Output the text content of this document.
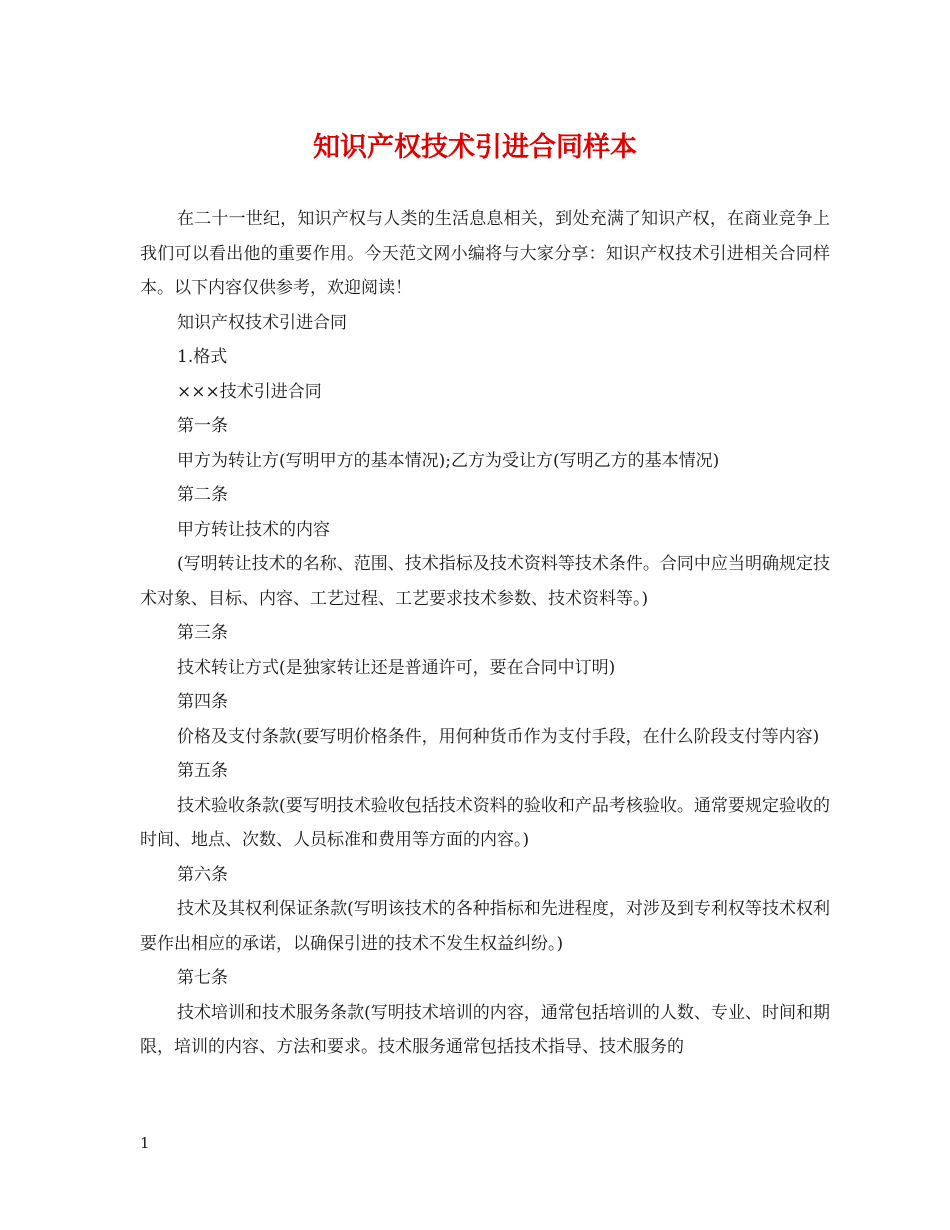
知识产权技术引进合同样本

在二十一世纪，知识产权与人类的生活息息相关，到处充满了知识产权，在商业竞争上我们可以看出他的重要作用。今天范文网小编将与大家分享：知识产权技术引进相关合同样本。以下内容仅供参考，欢迎阅读！

知识产权技术引进合同

1.格式

×××技术引进合同

第一条

甲方为转让方(写明甲方的基本情况);乙方为受让方(写明乙方的基本情况)

第二条

甲方转让技术的内容

(写明转让技术的名称、范围、技术指标及技术资料等技术条件。合同中应当明确规定技术对象、目标、内容、工艺过程、工艺要求技术参数、技术资料等。)

第三条

技术转让方式(是独家转让还是普通许可，要在合同中订明)

第四条

价格及支付条款(要写明价格条件，用何种货币作为支付手段，在什么阶段支付等内容)

第五条

技术验收条款(要写明技术验收包括技术资料的验收和产品考核验收。通常要规定验收的时间、地点、次数、人员标准和费用等方面的内容。)

第六条

技术及其权利保证条款(写明该技术的各种指标和先进程度，对涉及到专利权等技术权利要作出相应的承诺，以确保引进的技术不发生权益纠纷。)

第七条

技术培训和技术服务条款(写明技术培训的内容，通常包括培训的人数、专业、时间和期限，培训的内容、方法和要求。技术服务通常包括技术指导、技术服务的

1
